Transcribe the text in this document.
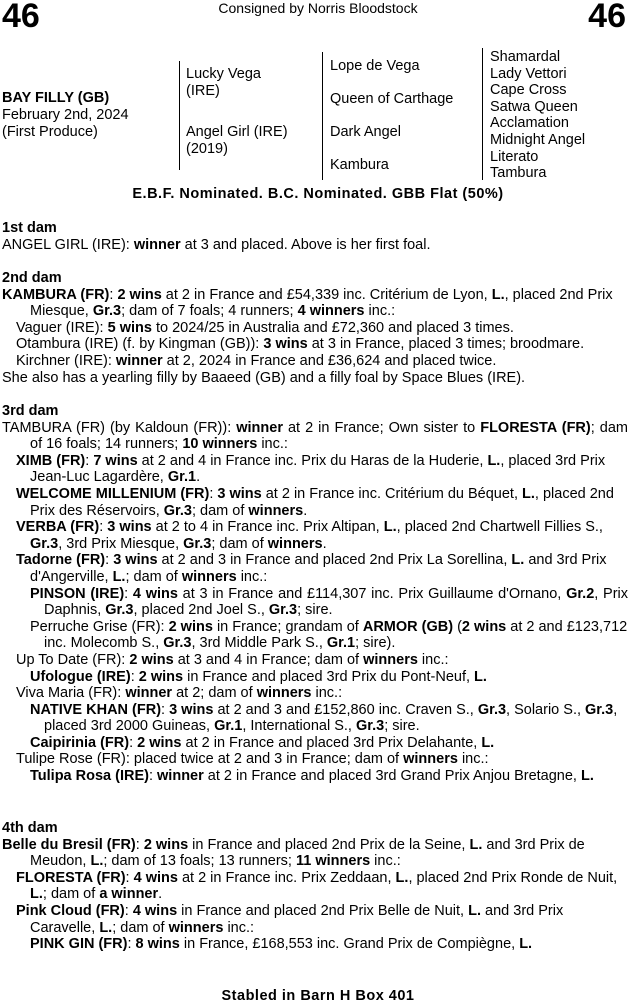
46	46
Consigned by Norris Bloodstock
BAY FILLY (GB)
February 2nd, 2024
(First Produce)
Lucky Vega
(IRE)
Angel Girl (IRE)
(2019)
Lope de Vega
Queen of Carthage
Dark Angel
Kambura
Shamardal
Lady Vettori
Cape Cross
Satwa Queen
Acclamation
Midnight Angel
Literato
Tambura
E.B.F. Nominated. B.C. Nominated. GBB Flat (50%)
1st dam

ANGEL GIRL (IRE): winner at 3 and placed. Above is her first foal.

2nd dam

KAMBURA (FR): 2 wins at 2 in France and £54,339 inc. Critérium de Lyon, L., placed 2nd Prix Miesque, Gr.3; dam of 7 foals; 4 runners; 4 winners inc.:

Vaguer (IRE): 5 wins to 2024/25 in Australia and £72,360 and placed 3 times.

Otambura (IRE) (f. by Kingman (GB)): 3 wins at 3 in France, placed 3 times; broodmare.

Kirchner (IRE): winner at 2, 2024 in France and £36,624 and placed twice.

She also has a yearling filly by Baaeed (GB) and a filly foal by Space Blues (IRE).

3rd dam

TAMBURA (FR) (by Kaldoun (FR)): winner at 2 in France; Own sister to FLORESTA (FR); dam of 16 foals; 14 runners; 10 winners inc.:

XIMB (FR): 7 wins at 2 and 4 in France inc. Prix du Haras de la Huderie, L., placed 3rd Prix Jean-Luc Lagardère, Gr.1.

WELCOME MILLENIUM (FR): 3 wins at 2 in France inc. Critérium du Béquet, L., placed 2nd Prix des Réservoirs, Gr.3; dam of winners.

VERBA (FR): 3 wins at 2 to 4 in France inc. Prix Altipan, L., placed 2nd Chartwell Fillies S., Gr.3, 3rd Prix Miesque, Gr.3; dam of winners.

Tadorne (FR): 3 wins at 2 and 3 in France and placed 2nd Prix La Sorellina, L. and 3rd Prix d'Angerville, L.; dam of winners inc.:

PINSON (IRE): 4 wins at 3 in France and £114,307 inc. Prix Guillaume d'Ornano, Gr.2, Prix Daphnis, Gr.3, placed 2nd Joel S., Gr.3; sire.

Perruche Grise (FR): 2 wins in France; grandam of ARMOR (GB) (2 wins at 2 and £123,712 inc. Molecomb S., Gr.3, 3rd Middle Park S., Gr.1; sire).

Up To Date (FR): 2 wins at 3 and 4 in France; dam of winners inc.:

Ufologue (IRE): 2 wins in France and placed 3rd Prix du Pont-Neuf, L.

Viva Maria (FR): winner at 2; dam of winners inc.:

NATIVE KHAN (FR): 3 wins at 2 and 3 and £152,860 inc. Craven S., Gr.3, Solario S., Gr.3, placed 3rd 2000 Guineas, Gr.1, International S., Gr.3; sire.

Caipirinia (FR): 2 wins at 2 in France and placed 3rd Prix Delahante, L.

Tulipe Rose (FR): placed twice at 2 and 3 in France; dam of winners inc.:

Tulipa Rosa (IRE): winner at 2 in France and placed 3rd Grand Prix Anjou Bretagne, L.

4th dam

Belle du Bresil (FR): 2 wins in France and placed 2nd Prix de la Seine, L. and 3rd Prix de Meudon, L.; dam of 13 foals; 13 runners; 11 winners inc.:

FLORESTA (FR): 4 wins at 2 in France inc. Prix Zeddaan, L., placed 2nd Prix Ronde de Nuit, L.; dam of a winner.

Pink Cloud (FR): 4 wins in France and placed 2nd Prix Belle de Nuit, L. and 3rd Prix Caravelle, L.; dam of winners inc.:

PINK GIN (FR): 8 wins in France, £168,553 inc. Grand Prix de Compiègne, L.

Stabled in Barn H Box 401
